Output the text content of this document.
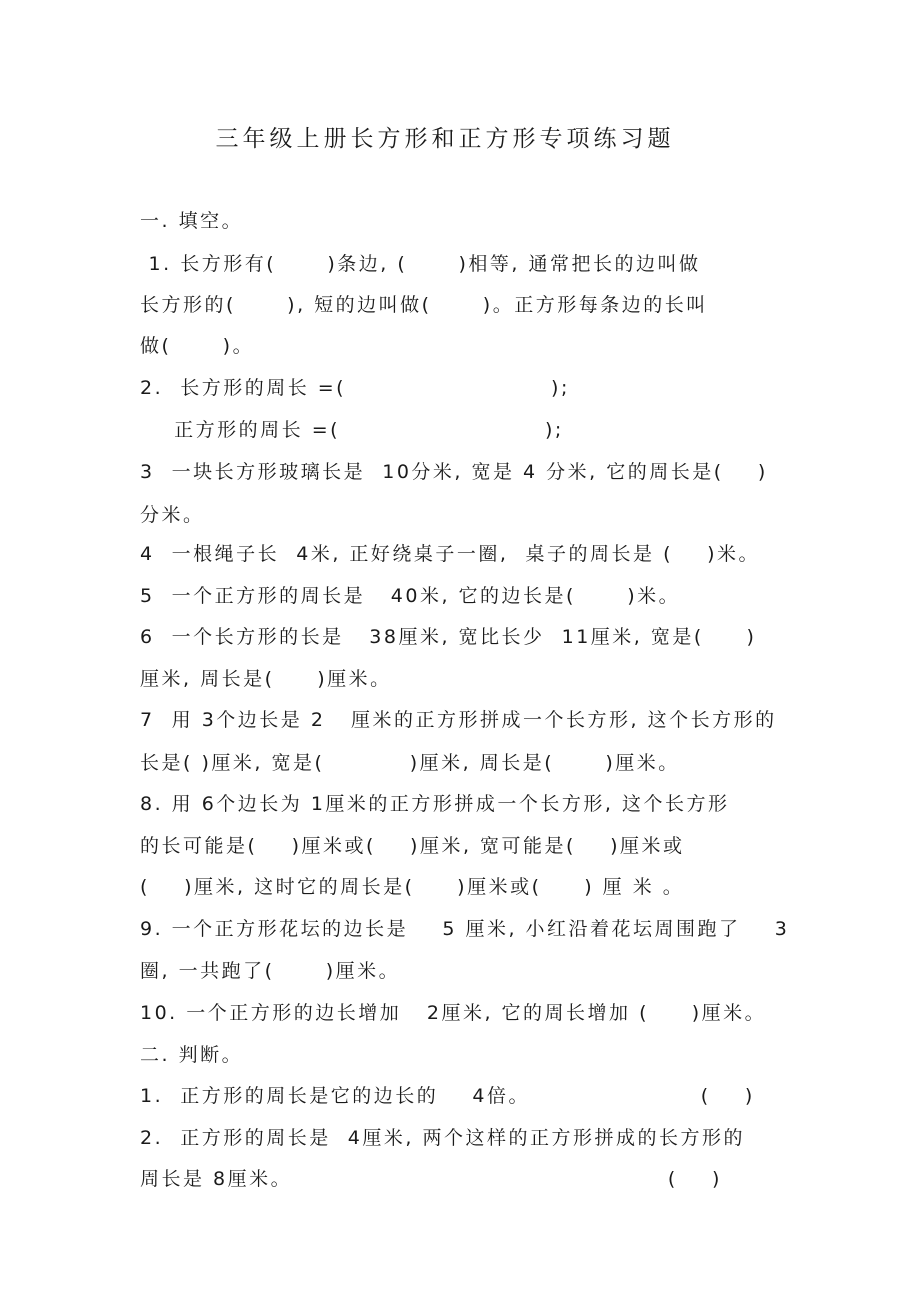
三年级上册长方形和正方形专项练习题
一. 填空。
1. 长方形有(      )条边, (      )相等, 通常把长的边叫做
长方形的(      ), 短的边叫做(      )。正方形每条边的长叫
做(      )。
2.  长方形的周长 =(                        );
正方形的周长 =(                        );
3  一块长方形玻璃长是  10分米, 宽是 4 分米, 它的周长是(    )
分米。
4  一根绳子长  4米, 正好绕桌子一圈,  桌子的周长是 (    )米。
5  一个正方形的周长是   40米, 它的边长是(      )米。
6  一个长方形的长是   38厘米, 宽比长少  11厘米, 宽是(     )
厘米, 周长是(     )厘米。
7  用 3个边长是 2   厘米的正方形拼成一个长方形, 这个长方形的
长是( )厘米, 宽是(          )厘米, 周长是(      )厘米。
8. 用 6个边长为 1厘米的正方形拼成一个长方形, 这个长方形
的长可能是(    )厘米或(    )厘米, 宽可能是(    )厘米或
(    )厘米, 这时它的周长是(     )厘米或(     ) 厘 米 。
9. 一个正方形花坛的边长是    5 厘米, 小红沿着花坛周围跑了    3
圈, 一共跑了(      )厘米。
10. 一个正方形的边长增加   2厘米, 它的周长增加 (     )厘米。
二. 判断。
1.  正方形的周长是它的边长的    4倍。                    (    )
2.  正方形的周长是  4厘米, 两个这样的正方形拼成的长方形的
周长是 8厘米。                                            (    )
